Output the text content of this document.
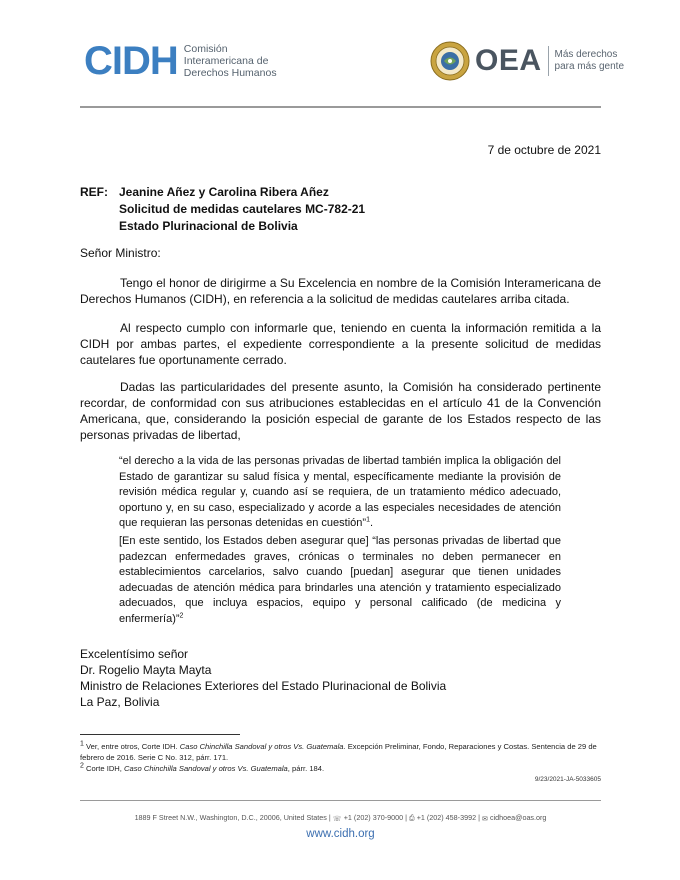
CIDH Comisión
Interamericana de
Derechos Humanos	OEA Más derechos
para más gente
7 de octubre de 2021
REF: Jeanine Añez y Carolina Ribera Añez
Solicitud de medidas cautelares MC-782-21
Estado Plurinacional de Bolivia
Señor Ministro:
Tengo el honor de dirigirme a Su Excelencia en nombre de la Comisión Interamericana de Derechos Humanos (CIDH), en referencia a la solicitud de medidas cautelares arriba citada.
Al respecto cumplo con informarle que, teniendo en cuenta la información remitida a la CIDH por ambas partes, el expediente correspondiente a la presente solicitud de medidas cautelares fue oportunamente cerrado.
Dadas las particularidades del presente asunto, la Comisión ha considerado pertinente recordar, de conformidad con sus atribuciones establecidas en el artículo 41 de la Convención Americana, que, considerando la posición especial de garante de los Estados respecto de las personas privadas de libertad,
“el derecho a la vida de las personas privadas de libertad también implica la obligación del Estado de garantizar su salud física y mental, específicamente mediante la provisión de revisión médica regular y, cuando así se requiera, de un tratamiento médico adecuado, oportuno y, en su caso, especializado y acorde a las especiales necesidades de atención que requieran las personas detenidas en cuestión”$^1$.
[En este sentido, los Estados deben asegurar que] “las personas privadas de libertad que padezcan enfermedades graves, crónicas o terminales no deben permanecer en establecimientos carcelarios, salvo cuando [puedan] asegurar que tienen unidades adecuadas de atención médica para brindarles una atención y tratamiento especializado adecuados, que incluya espacios, equipo y personal calificado (de medicina y enfermería)”$^2$
Excelentísimo señor
Dr. Rogelio Mayta Mayta
Ministro de Relaciones Exteriores del Estado Plurinacional de Bolivia
La Paz, Bolivia
$^1$ Ver, entre otros, Corte IDH. Caso Chinchilla Sandoval y otros Vs. Guatemala. Excepción Preliminar, Fondo, Reparaciones y Costas. Sentencia de 29 de febrero de 2016. Serie C No. 312, párr. 171.
$^2$ Corte IDH, Caso Chinchilla Sandoval y otros Vs. Guatemala, párr. 184.
9/23/2021-JA-5033605
1889 F Street N.W., Washington, D.C., 20006, United States | ☏ +1 (202) 370-9000 | ⎙ +1 (202) 458-3992 | ✉ cidhoea@oas.org
www.cidh.org
